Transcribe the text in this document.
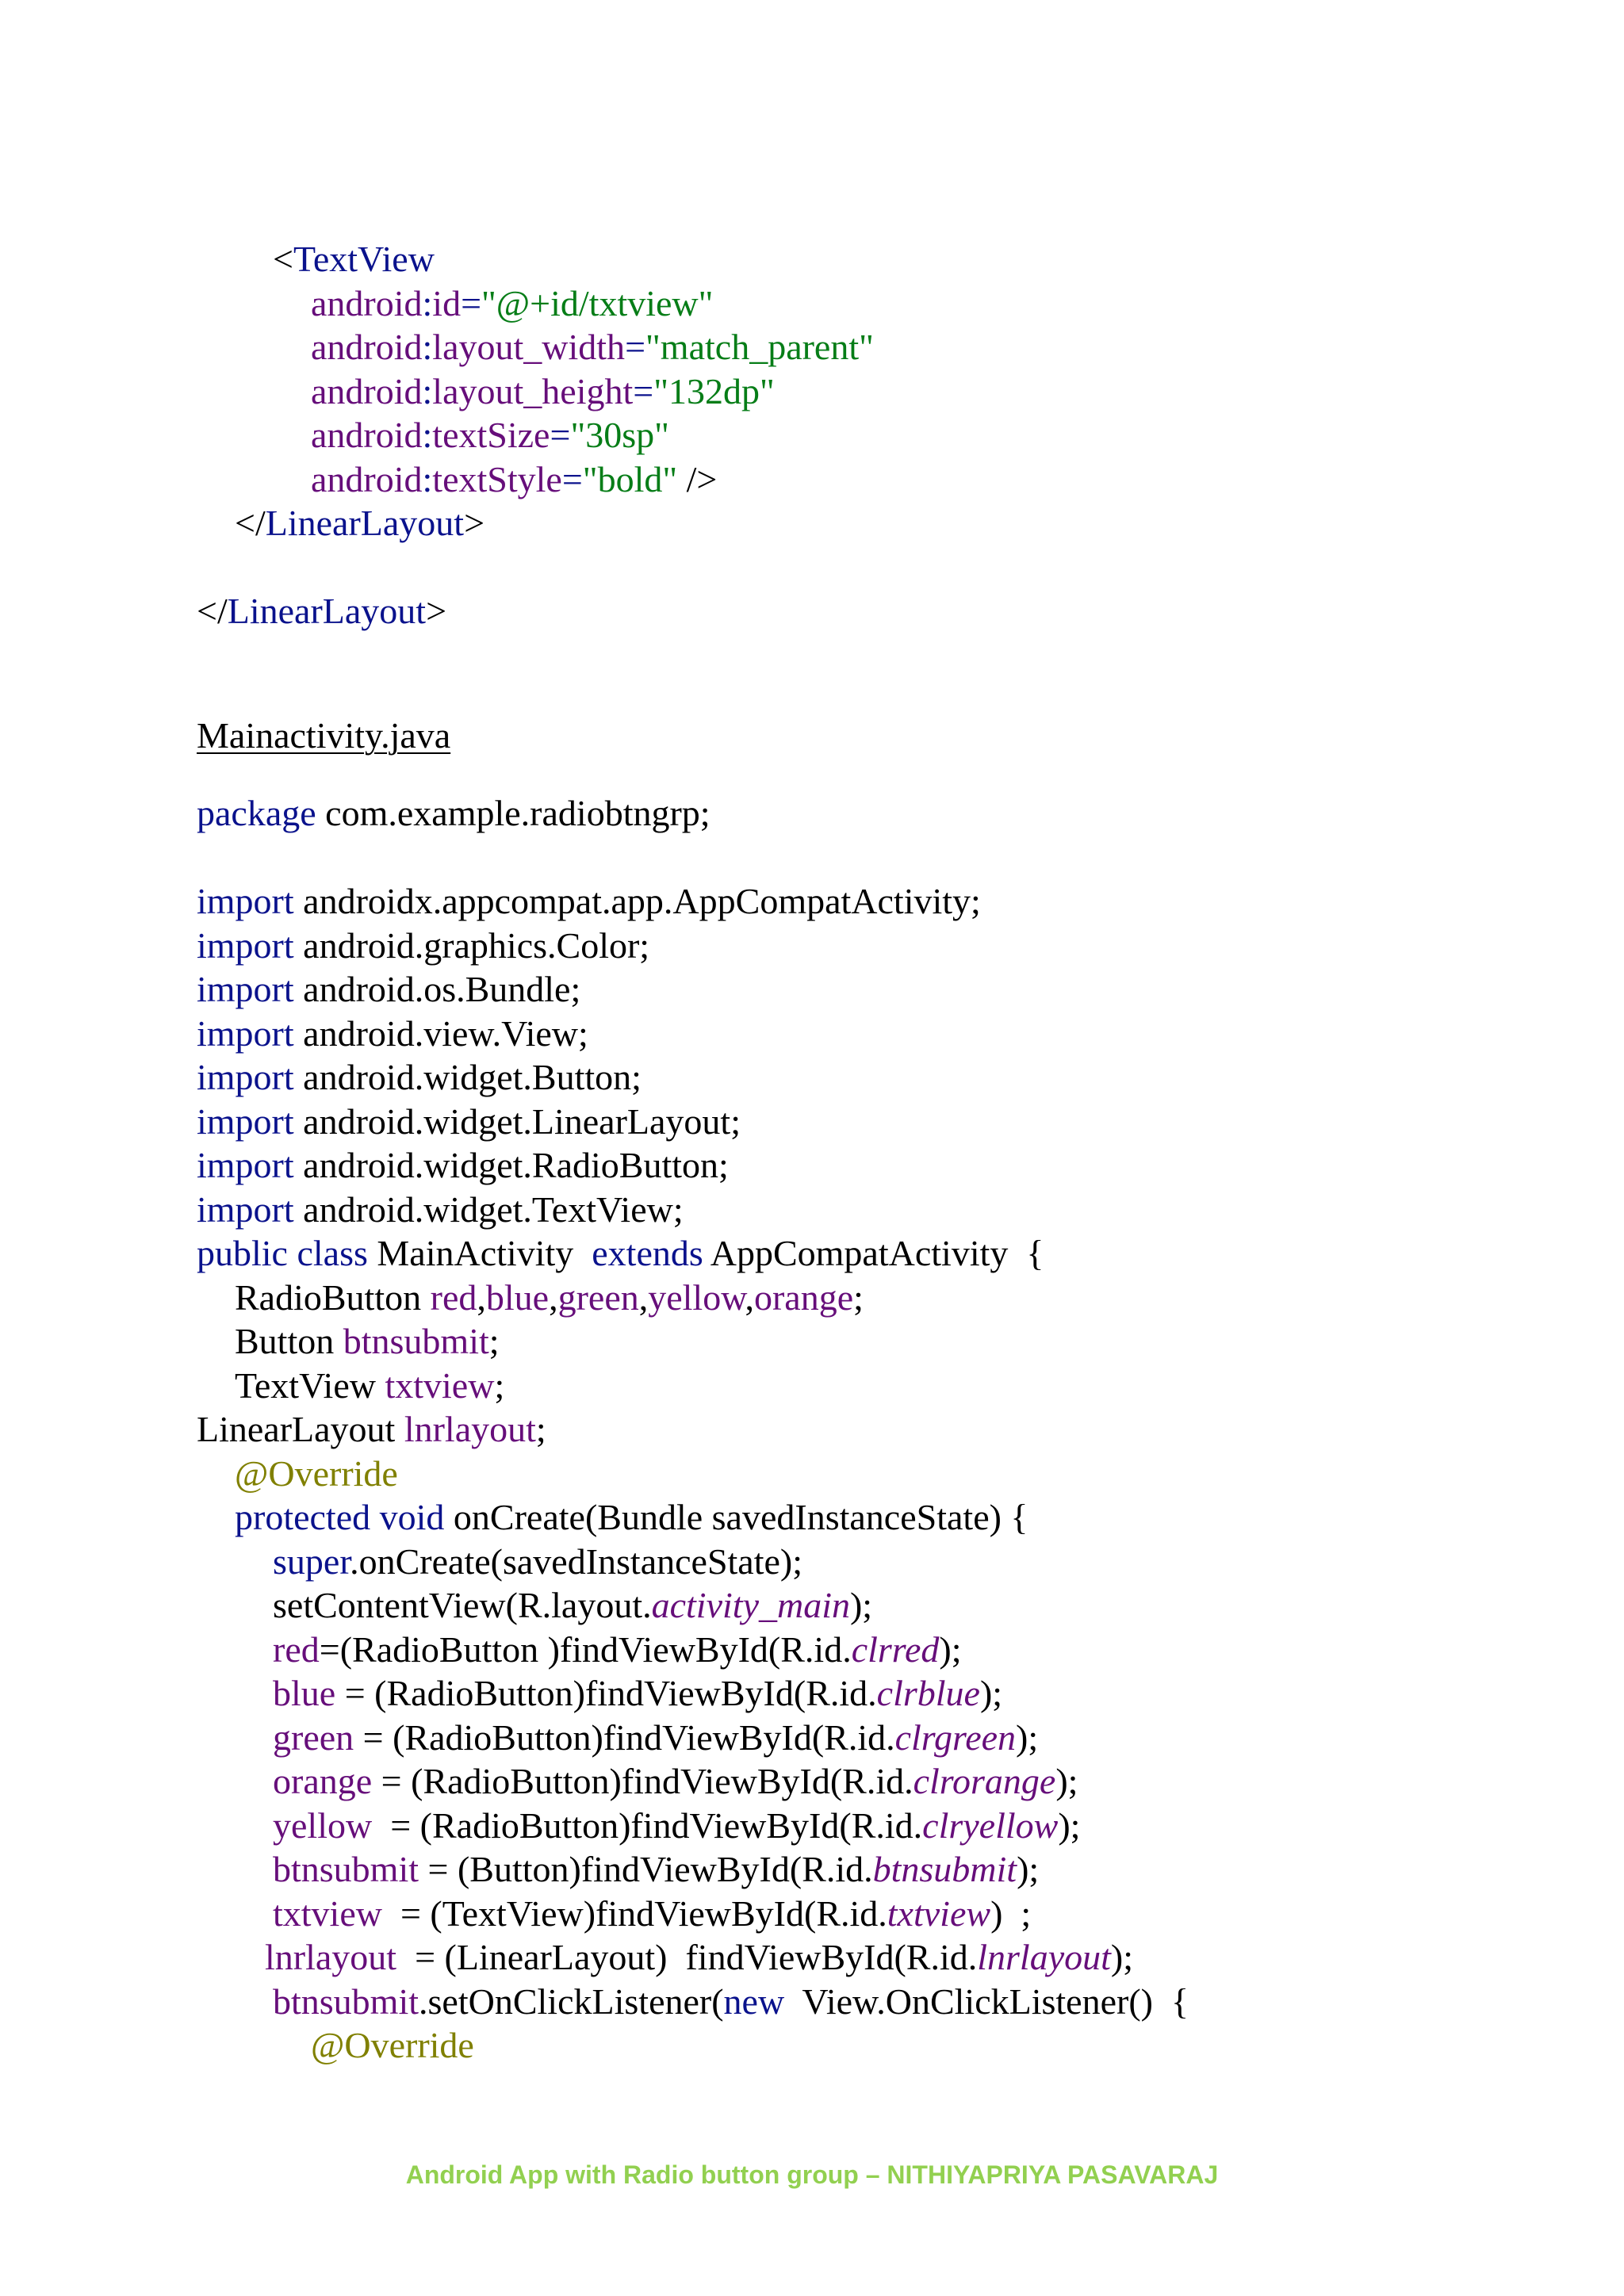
<TextView
android:id="@+id/txtview"
android:layout_width="match_parent"
android:layout_height="132dp"
android:textSize="30sp"
android:textStyle="bold" />
</LinearLayout>
</LinearLayout>
Mainactivity.java
package com.example.radiobtngrp;
import androidx.appcompat.app.AppCompatActivity;
import android.graphics.Color;
import android.os.Bundle;
import android.view.View;
import android.widget.Button;
import android.widget.LinearLayout;
import android.widget.RadioButton;
import android.widget.TextView;
public class MainActivity  extends AppCompatActivity  {
RadioButton red,blue,green,yellow,orange;
Button btnsubmit;
TextView txtview;
LinearLayout lnrlayout;
@Override
protected void onCreate(Bundle savedInstanceState) {
super.onCreate(savedInstanceState);
setContentView(R.layout.activity_main);
red=(RadioButton )findViewById(R.id.clrred);
blue = (RadioButton)findViewById(R.id.clrblue);
green = (RadioButton)findViewById(R.id.clrgreen);
orange = (RadioButton)findViewById(R.id.clrorange);
yellow  = (RadioButton)findViewById(R.id.clryellow);
btnsubmit = (Button)findViewById(R.id.btnsubmit);
txtview  = (TextView)findViewById(R.id.txtview)  ;
lnrlayout  = (LinearLayout)  findViewById(R.id.lnrlayout);
btnsubmit.setOnClickListener(new  View.OnClickListener()  {
@Override
Android App with Radio button group – NITHIYAPRIYA PASAVARAJ
